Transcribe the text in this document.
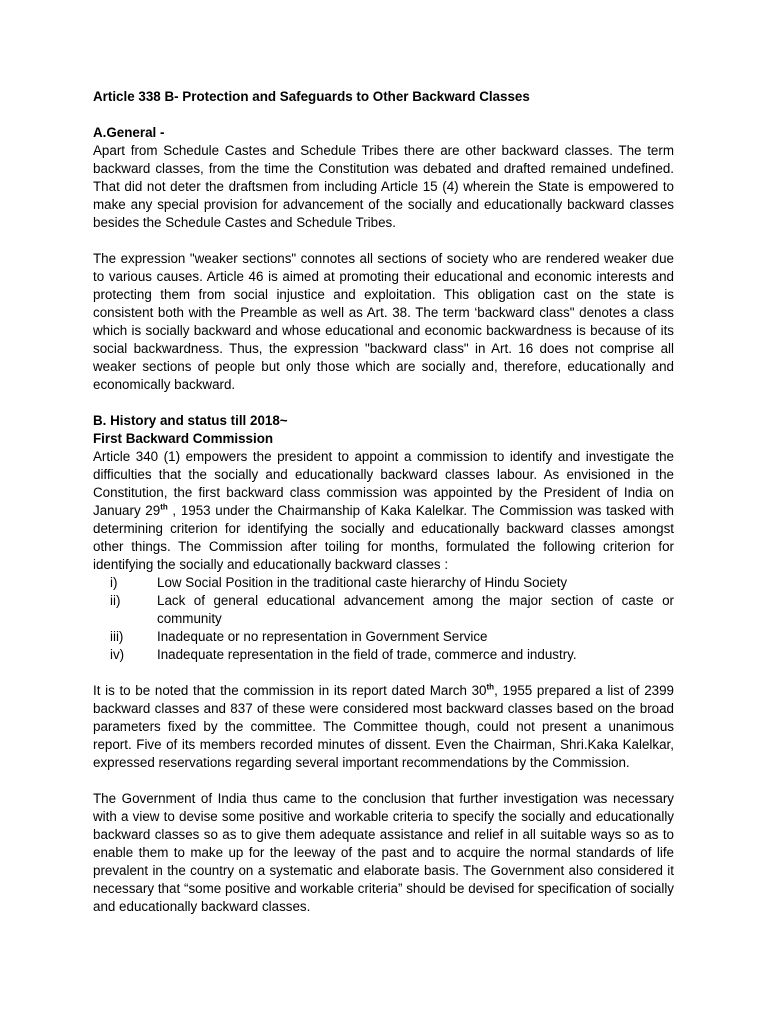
Article 338 B- Protection and Safeguards to Other Backward Classes

A.General -

Apart from Schedule Castes and Schedule Tribes there are other backward classes. The term backward classes, from the time the Constitution was debated and drafted remained undefined. That did not deter the draftsmen from including Article 15 (4) wherein the State is empowered to make any special provision for advancement of the socially and educationally backward classes besides the Schedule Castes and Schedule Tribes.

The expression "weaker sections" connotes all sections of society who are rendered weaker due to various causes. Article 46 is aimed at promoting their educational and economic interests and protecting them from social injustice and exploitation. This obligation cast on the state is consistent both with the Preamble as well as Art. 38. The term ‘backward class" denotes a class which is socially backward and whose educational and economic backwardness is because of its social backwardness. Thus, the expression "backward class" in Art. 16 does not comprise all weaker sections of people but only those which are socially and, therefore, educationally and economically backward.

B. History and status till 2018~

First Backward Commission

Article 340 (1) empowers the president to appoint a commission to identify and investigate the difficulties that the socially and educationally backward classes labour. As envisioned in the Constitution, the first backward class commission was appointed by the President of India on January 29th , 1953 under the Chairmanship of Kaka Kalelkar. The Commission was tasked with determining criterion for identifying the socially and educationally backward classes amongst other things. The Commission after toiling for months, formulated the following criterion for identifying the socially and educationally backward classes :

i)	Low Social Position in the traditional caste hierarchy of Hindu Society
ii)	Lack of general educational advancement among the major section of caste or community
iii)	Inadequate or no representation in Government Service
iv)	Inadequate representation in the field of trade, commerce and industry.

It is to be noted that the commission in its report dated March 30th, 1955 prepared a list of 2399 backward classes and 837 of these were considered most backward classes based on the broad parameters fixed by the committee. The Committee though, could not present a unanimous report. Five of its members recorded minutes of dissent. Even the Chairman, Shri.Kaka Kalelkar, expressed reservations regarding several important recommendations by the Commission.

The Government of India thus came to the conclusion that further investigation was necessary with a view to devise some positive and workable criteria to specify the socially and educationally backward classes so as to give them adequate assistance and relief in all suitable ways so as to enable them to make up for the leeway of the past and to acquire the normal standards of life prevalent in the country on a systematic and elaborate basis. The Government also considered it necessary that “some positive and workable criteria” should be devised for specification of socially and educationally backward classes.
